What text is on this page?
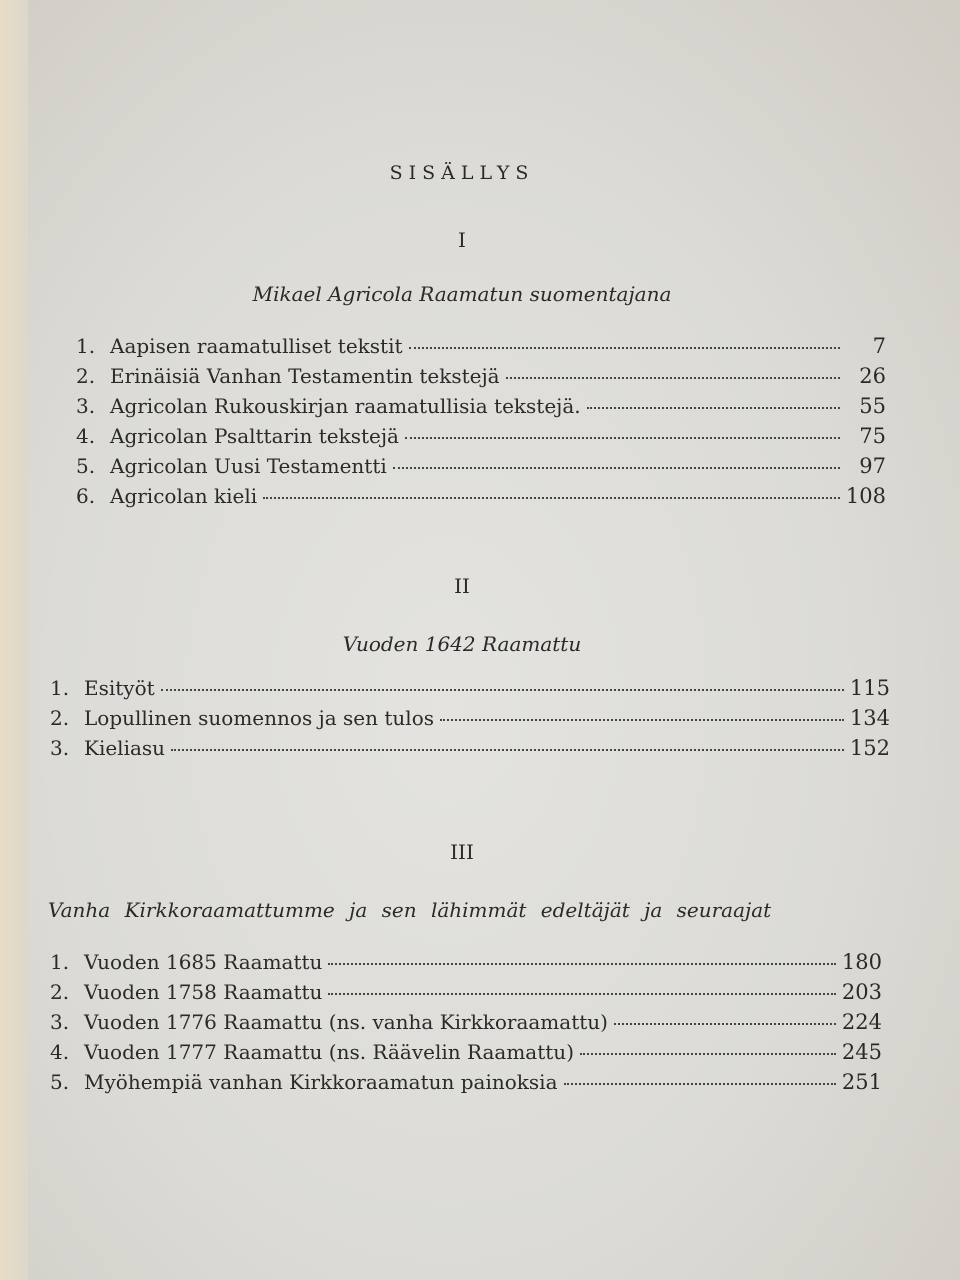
SISÄLLYS
I
Mikael Agricola Raamatun suomentajana
1. Aapisen raamatulliset tekstit	7
2. Erinäisiä Vanhan Testamentin tekstejä	26
3. Agricolan Rukouskirjan raamatullisia tekstejä.	55
4. Agricolan Psalttarin tekstejä	75
5. Agricolan Uusi Testamentti	97
6. Agricolan kieli	108
II
Vuoden 1642 Raamattu
1. Esityöt	115
2. Lopullinen suomennos ja sen tulos	134
3. Kieliasu	152
III
Vanha Kirkkoraamattumme ja sen lähimmät edeltäjät ja seuraajat
1. Vuoden 1685 Raamattu	180
2. Vuoden 1758 Raamattu	203
3. Vuoden 1776 Raamattu (ns. vanha Kirkkoraamattu)	224
4. Vuoden 1777 Raamattu (ns. Räävelin Raamattu)	245
5. Myöhempiä vanhan Kirkkoraamatun painoksia	251
